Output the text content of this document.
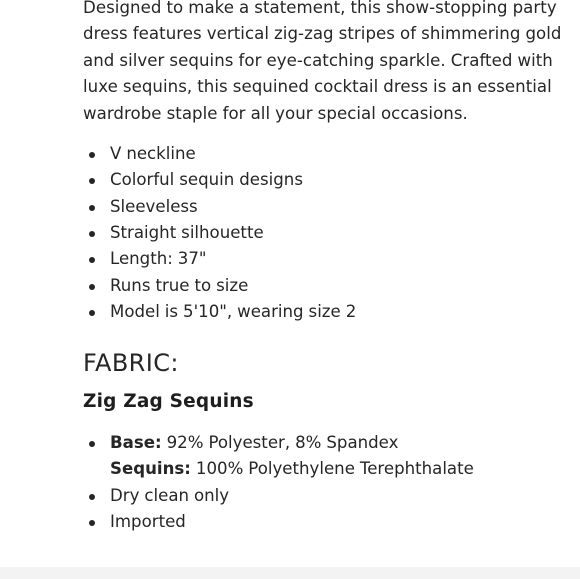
Designed to make a statement, this show-stopping party dress features vertical zig-zag stripes of shimmering gold and silver sequins for eye-catching sparkle. Crafted with luxe sequins, this sequined cocktail dress is an essential wardrobe staple for all your special occasions.

V neckline
Colorful sequin designs
Sleeveless
Straight silhouette
Length: 37"
Runs true to size
Model is 5'10", wearing size 2
FABRIC:
Zig Zag Sequins
Base: 92% Polyester, 8% Spandex
Sequins: 100% Polyethylene Terephthalate
Dry clean only
Imported
